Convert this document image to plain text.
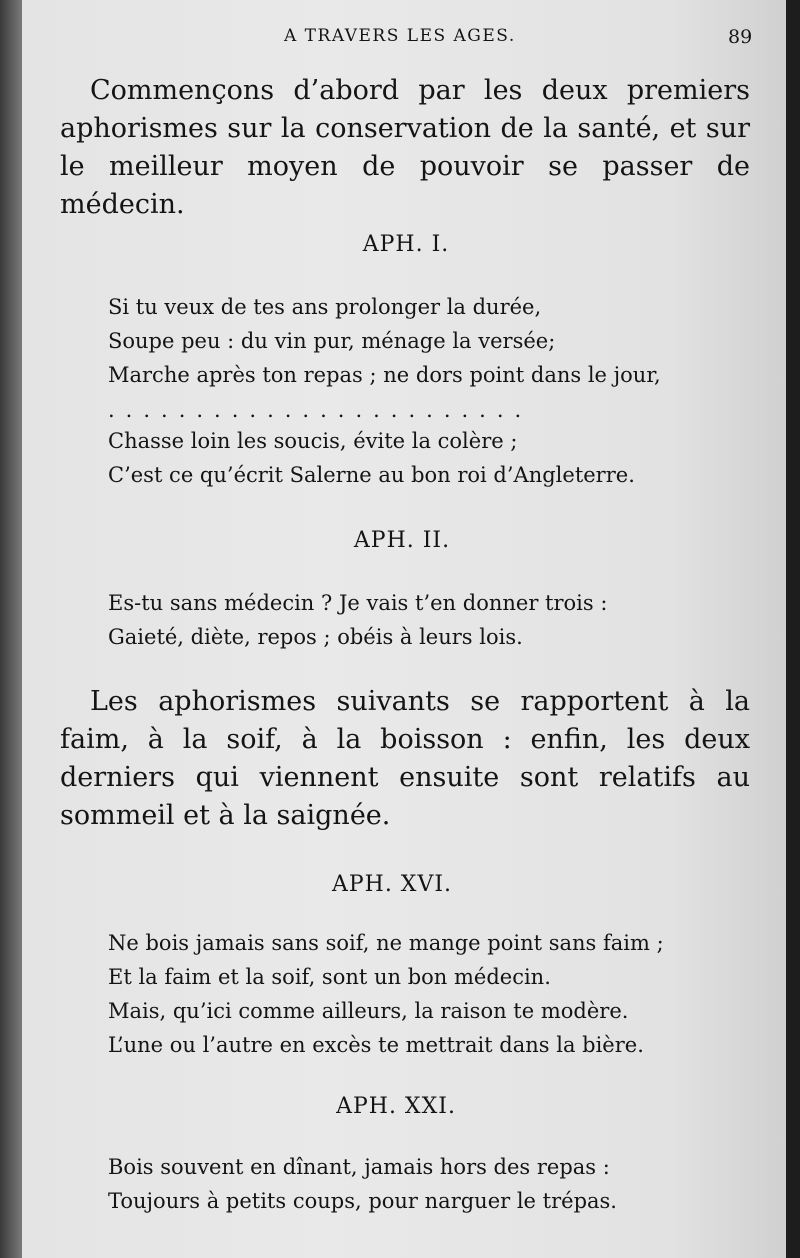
A TRAVERS LES AGES.	89

Commençons d’abord par les deux premiers aphorismes sur la conservation de la santé, et sur le meilleur moyen de pouvoir se passer de médecin.

APH. I.
Si tu veux de tes ans prolonger la durée,
Soupe peu : du vin pur, ménage la versée;
Marche après ton repas ; ne dors point dans le jour,
........................
Chasse loin les soucis, évite la colère ;
C’est ce qu’écrit Salerne au bon roi d’Angleterre.
APH. II.
Es-tu sans médecin ? Je vais t’en donner trois :
Gaieté, diète, repos ; obéis à leurs lois.

Les aphorismes suivants se rapportent à la faim, à la soif, à la boisson : enfin, les deux derniers qui viennent ensuite sont relatifs au sommeil et à la saignée.

APH. XVI.
Ne bois jamais sans soif, ne mange point sans faim ;
Et la faim et la soif, sont un bon médecin.
Mais, qu’ici comme ailleurs, la raison te modère.
L’une ou l’autre en excès te mettrait dans la bière.
APH. XXI.
Bois souvent en dînant, jamais hors des repas :
Toujours à petits coups, pour narguer le trépas.
